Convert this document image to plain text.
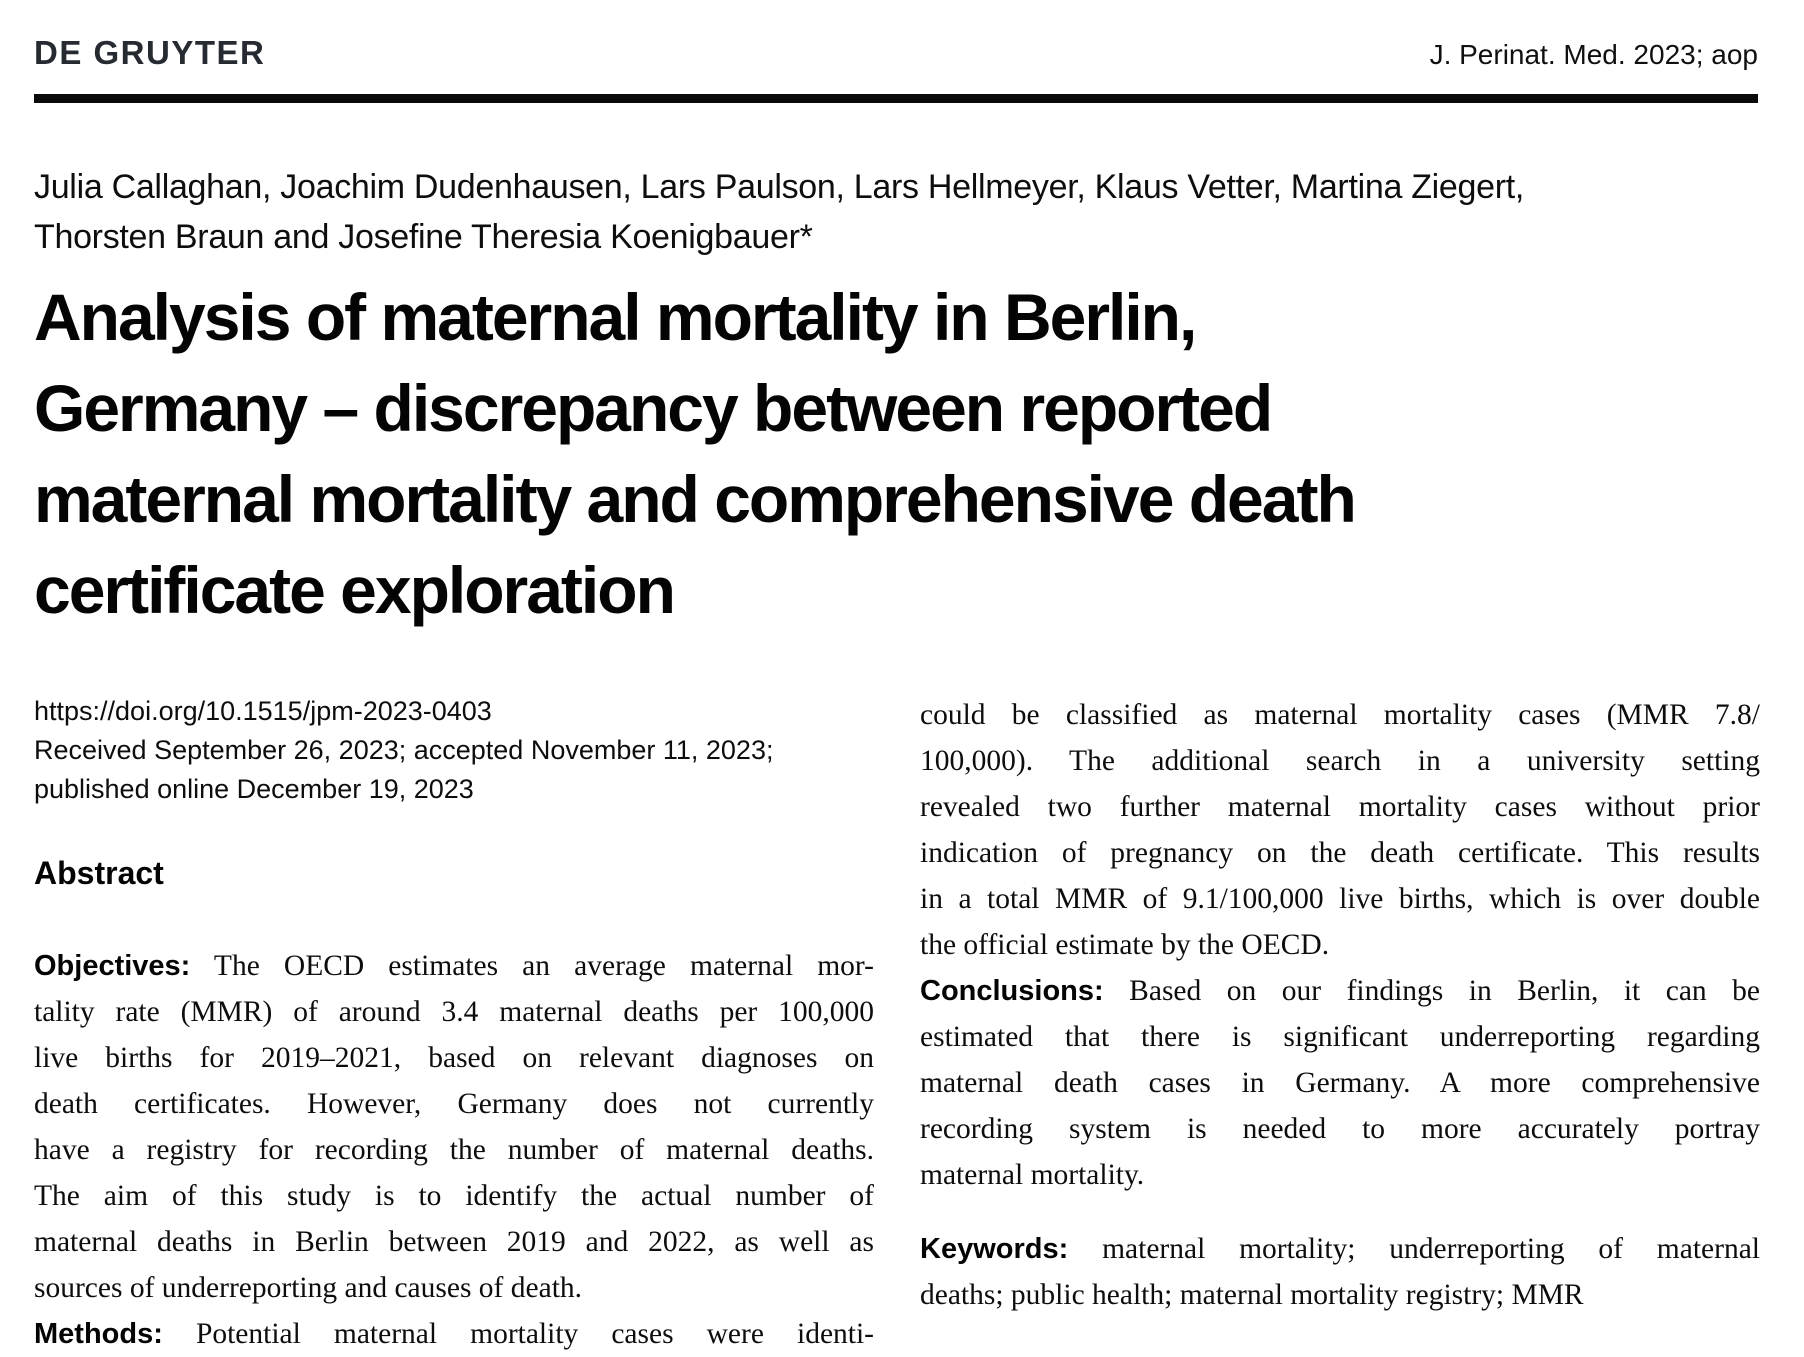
DE GRUYTER	J. Perinat. Med. 2023; aop
Julia Callaghan, Joachim Dudenhausen, Lars Paulson, Lars Hellmeyer, Klaus Vetter, Martina Ziegert,
Thorsten Braun and Josefine Theresia Koenigbauer*
Analysis of maternal mortality in Berlin,
Germany – discrepancy between reported
maternal mortality and comprehensive death
certificate exploration
https://doi.org/10.1515/jpm-2023-0403
Received September 26, 2023; accepted November 11, 2023;
published online December 19, 2023
Abstract
Objectives: The OECD estimates an average maternal mor-
tality rate (MMR) of around 3.4 maternal deaths per 100,000
live births for 2019–2021, based on relevant diagnoses on
death certificates. However, Germany does not currently
have a registry for recording the number of maternal deaths.
The aim of this study is to identify the actual number of
maternal deaths in Berlin between 2019 and 2022, as well as
sources of underreporting and causes of death.
Methods: Potential maternal mortality cases were identi-
could be classified as maternal mortality cases (MMR 7.8/
100,000). The additional search in a university setting
revealed two further maternal mortality cases without prior
indication of pregnancy on the death certificate. This results
in a total MMR of 9.1/100,000 live births, which is over double
the official estimate by the OECD.
Conclusions: Based on our findings in Berlin, it can be
estimated that there is significant underreporting regarding
maternal death cases in Germany. A more comprehensive
recording system is needed to more accurately portray
maternal mortality.
Keywords: maternal mortality; underreporting of maternal
deaths; public health; maternal mortality registry; MMR
